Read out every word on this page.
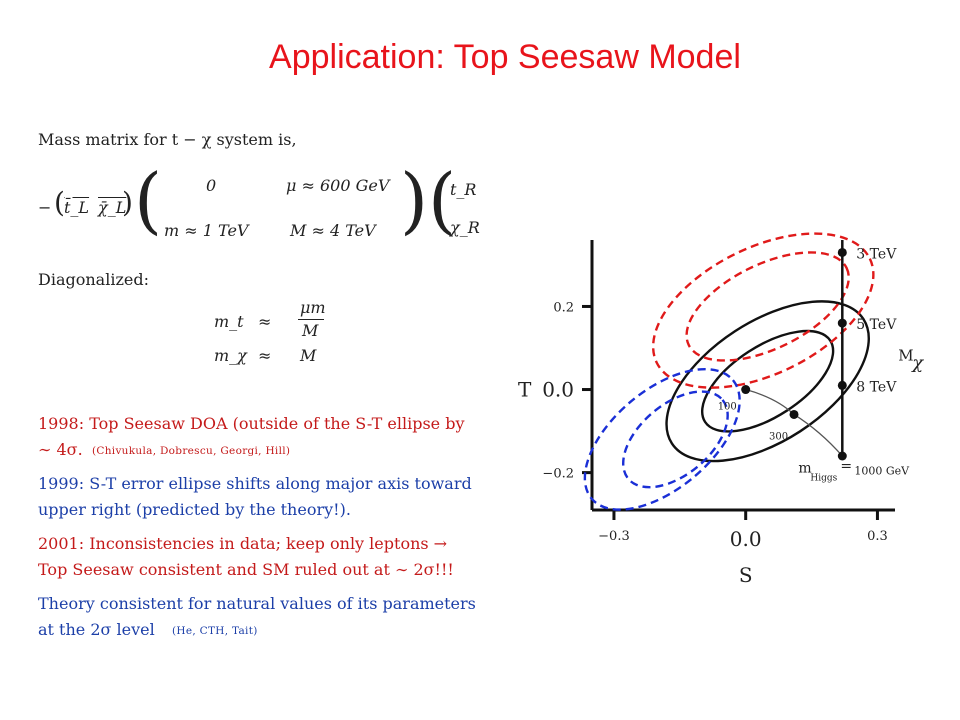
Application: Top Seesaw Model
Mass matrix for t − χ system is,
− t̄_L χ̄_L
( ) (	0	μ ≈ 600 GeV
m ≈ 1 TeV	M ≈ 4 TeV ) (
t_R
χ_R
Diagonalized:
m_t ≈
μm
M
m_χ ≈ M
1998: Top Seesaw DOA (outside of the S-T ellipse by
∼ 4σ. (Chivukula, Dobrescu, Georgi, Hill)
1999: S-T error ellipse shifts along major axis toward
upper right (predicted by the theory!).
2001: Inconsistencies in data; keep only leptons →
Top Seesaw consistent and SM ruled out at ∼ 2σ!!!
Theory consistent for natural values of its parameters
at the 2σ level (He, CTH, Tait)
−0.3	0.0	0.3
0.2
0.0
−0.2
S
T
3 TeV
5 TeV
8 TeV
M
χ
100
300
m
Higgs
= 1000 GeV
